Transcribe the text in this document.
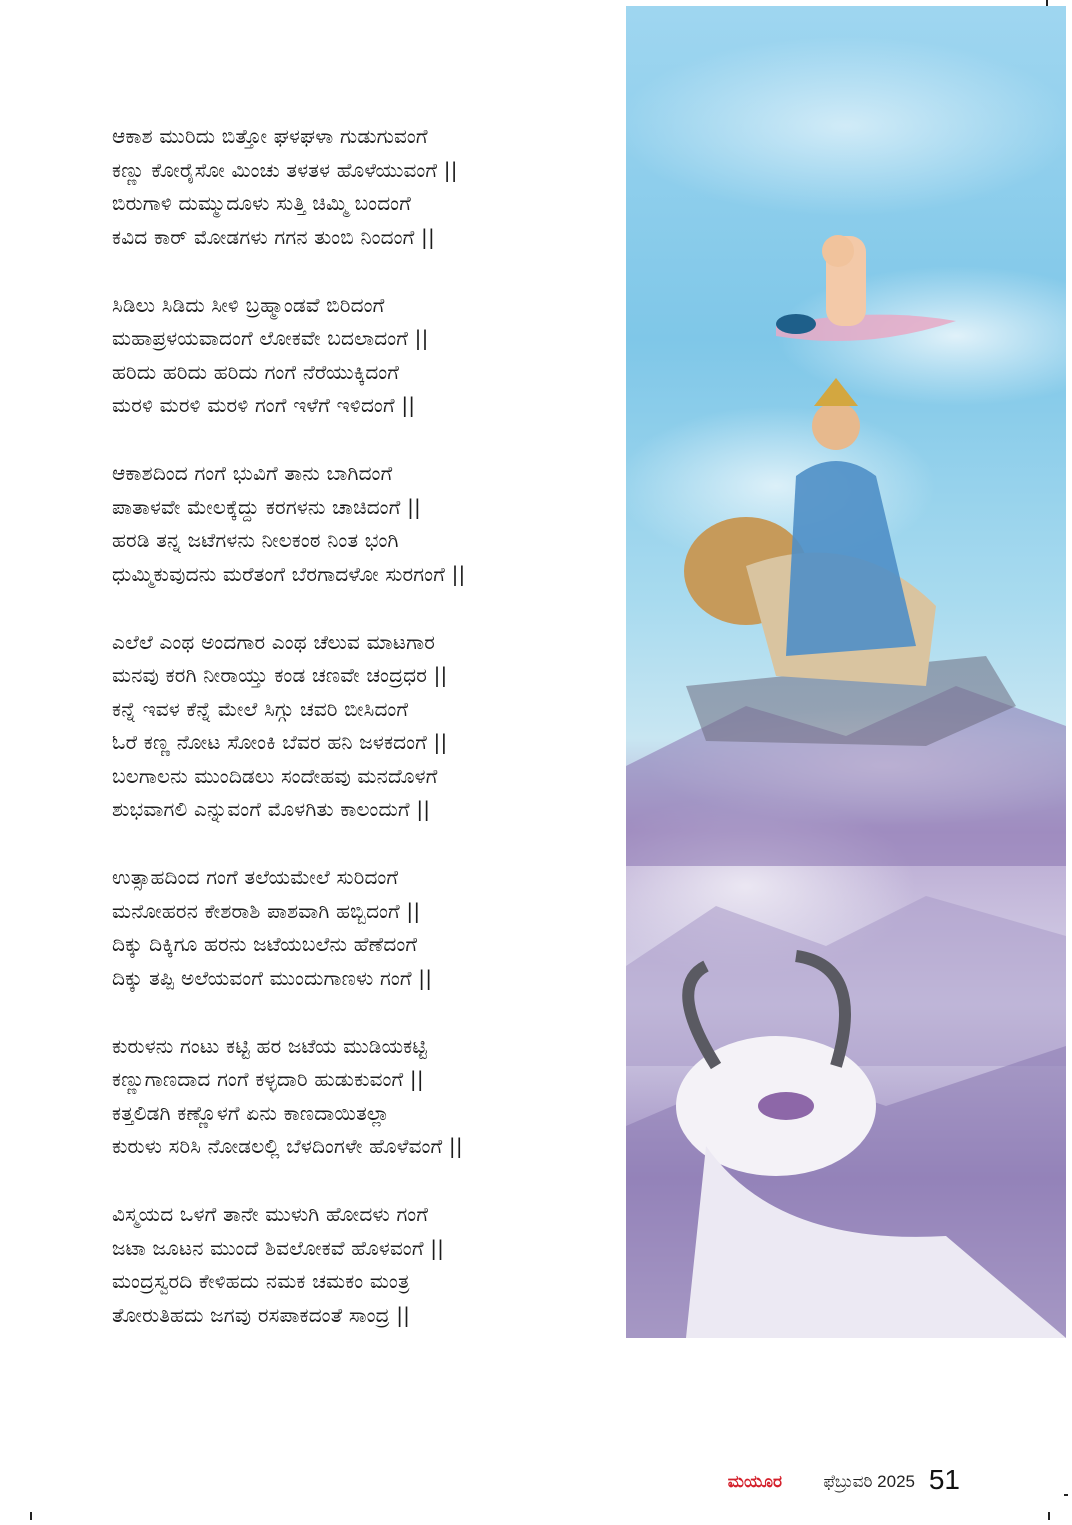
ಆಕಾಶ ಮುರಿದು ಬಿತ್ತೋ ಘಳಘಳಾ ಗುಡುಗುವಂಗೆ
ಕಣ್ಣು ಕೋರೈಸೋ ಮಿಂಚು ತಳತಳ ಹೊಳೆಯುವಂಗೆ ||
ಬಿರುಗಾಳಿ ದುಮ್ಮುದೂಳು ಸುತ್ತಿ ಚಿಮ್ಮಿ ಬಂದಂಗೆ
ಕವಿದ ಕಾರ್ ಮೋಡಗಳು ಗಗನ ತುಂಬಿ ನಿಂದಂಗೆ ||
ಸಿಡಿಲು ಸಿಡಿದು ಸೀಳಿ ಬ್ರಹ್ಮಾಂಡವೆ ಬಿರಿದಂಗೆ
ಮಹಾಪ್ರಳಯವಾದಂಗೆ ಲೋಕವೇ ಬದಲಾದಂಗೆ ||
ಹರಿದು ಹರಿದು ಹರಿದು ಗಂಗೆ ನೆರೆಯುಕ್ಕಿದಂಗೆ
ಮರಳಿ ಮರಳಿ ಮರಳಿ ಗಂಗೆ ಇಳೆಗೆ ಇಳಿದಂಗೆ ||
ಆಕಾಶದಿಂದ ಗಂಗೆ ಭುವಿಗೆ ತಾನು ಬಾಗಿದಂಗೆ
ಪಾತಾಳವೇ ಮೇಲಕ್ಕೆದ್ದು ಕರಗಳನು ಚಾಚಿದಂಗೆ ||
ಹರಡಿ ತನ್ನ ಜಟೆಗಳನು ನೀಲಕಂಠ ನಿಂತ ಭಂಗಿ
ಧುಮ್ಮಿಕುವುದನು ಮರೆತಂಗೆ ಬೆರಗಾದಳೋ ಸುರಗಂಗೆ ||
ಎಲೆಲೆ ಎಂಥ ಅಂದಗಾರ ಎಂಥ ಚೆಲುವ ಮಾಟಗಾರ
ಮನವು ಕರಗಿ ನೀರಾಯ್ತು ಕಂಡ ಚಣವೇ ಚಂದ್ರಧರ ||
ಕನ್ನೆ ಇವಳ ಕೆನ್ನೆ ಮೇಲೆ ಸಿಗ್ಗು ಚವರಿ ಬೀಸಿದಂಗೆ
ಓರೆ ಕಣ್ಣ ನೋಟ ಸೋಂಕಿ ಬೆವರ ಹನಿ ಜಳಕದಂಗೆ ||
ಬಲಗಾಲನು ಮುಂದಿಡಲು ಸಂದೇಹವು ಮನದೊಳಗೆ
ಶುಭವಾಗಲಿ ಎನ್ನುವಂಗೆ ಮೊಳಗಿತು ಕಾಲಂದುಗೆ ||
ಉತ್ಸಾಹದಿಂದ ಗಂಗೆ ತಲೆಯಮೇಲೆ ಸುರಿದಂಗೆ
ಮನೋಹರನ ಕೇಶರಾಶಿ ಪಾಶವಾಗಿ ಹಬ್ಬಿದಂಗೆ ||
ದಿಕ್ಕು ದಿಕ್ಕಿಗೂ ಹರನು ಜಟೆಯಬಲೆನು ಹೆಣೆದಂಗೆ
ದಿಕ್ಕು ತಪ್ಪಿ ಅಲೆಯವಂಗೆ ಮುಂದುಗಾಣಳು ಗಂಗೆ ||
ಕುರುಳನು ಗಂಟು ಕಟ್ಟಿ ಹರ ಜಟೆಯ ಮುಡಿಯಕಟ್ಟಿ
ಕಣ್ಣುಗಾಣದಾದ ಗಂಗೆ ಕಳ್ಳದಾರಿ ಹುಡುಕುವಂಗೆ ||
ಕತ್ತಲಿಡಗಿ ಕಣ್ಣೊಳಗೆ ಏನು ಕಾಣದಾಯಿತಲ್ಲಾ
ಕುರುಳು ಸರಿಸಿ ನೋಡಲಲ್ಲಿ ಬೆಳದಿಂಗಳೇ ಹೊಳೆವಂಗೆ ||
ವಿಸ್ಮಯದ ಒಳಗೆ ತಾನೇ ಮುಳುಗಿ ಹೋದಳು ಗಂಗೆ
ಜಟಾ ಜೂಟನ ಮುಂದೆ ಶಿವಲೋಕವೆ ಹೊಳವಂಗೆ ||
ಮಂದ್ರಸ್ವರದಿ ಕೇಳಿಹದು ನಮಕ ಚಮಕಂ ಮಂತ್ರ
ತೋರುತಿಹದು ಜಗವು ರಸಪಾಕದಂತೆ ಸಾಂದ್ರ ||
ಮಯೂರ ಫೆಬ್ರುವರಿ 2025 51
